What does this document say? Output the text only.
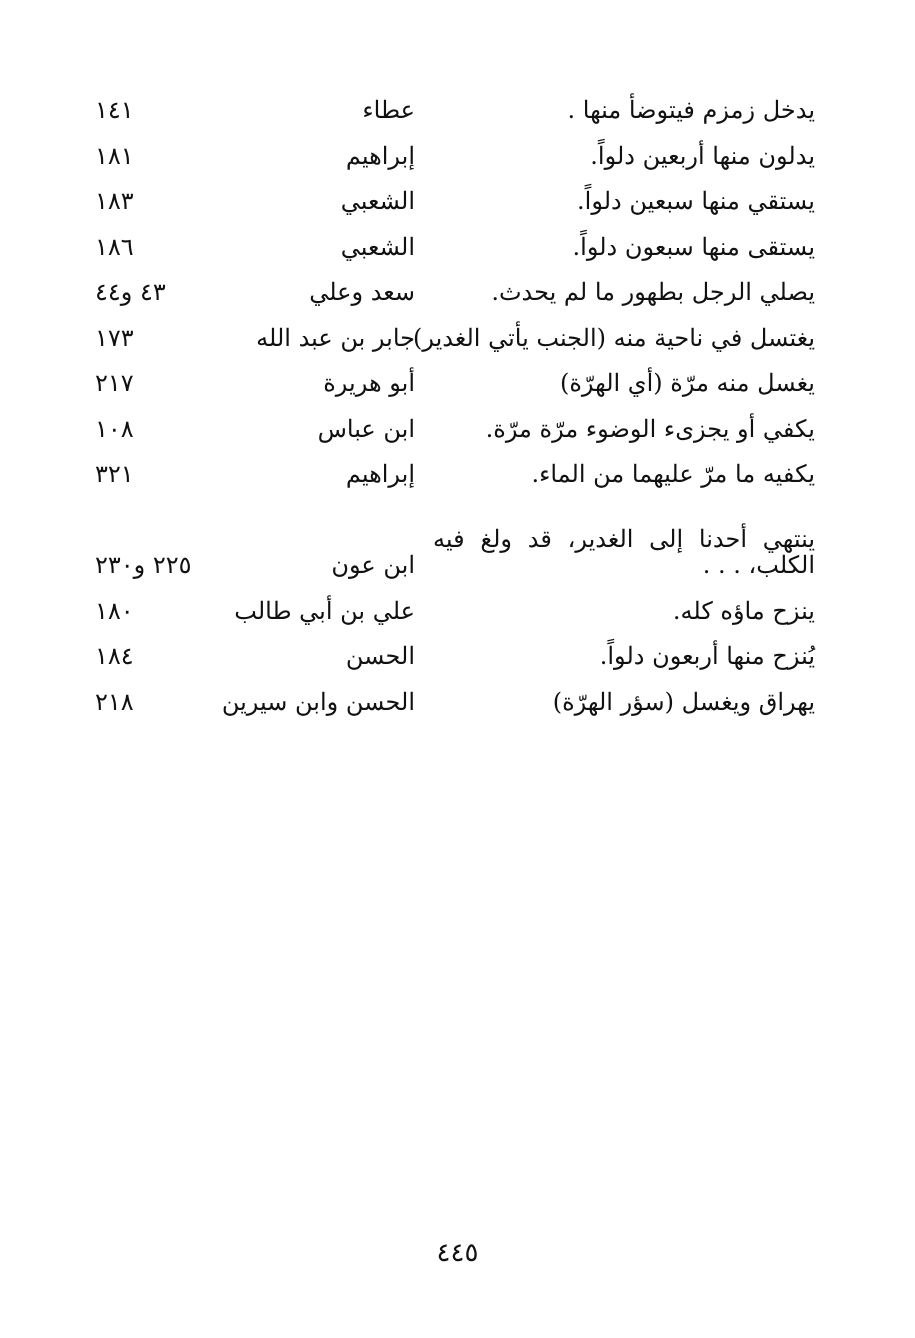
يدخل زمزم فيتوضأ منها .
عطاء
١٤١
يدلون منها أربعين دلواً.
إبراهيم
١٨١
يستقي منها سبعين دلواً.
الشعبي
١٨٣
يستقى منها سبعون دلواً.
الشعبي
١٨٦
يصلي الرجل بطهور ما لم يحدث.
سعد وعلي
٤٣ و٤٤
يغتسل في ناحية منه (الجنب يأتي الغدير)
جابر بن عبد الله
١٧٣
يغسل منه مرّة (أي الهرّة)
أبو هريرة
٢١٧
يكفي أو يجزىء الوضوء مرّة مرّة.
ابن عباس
١٠٨
يكفيه ما مرّ عليهما من الماء.
إبراهيم
٣٢١
ينتهي أحدنا إلى الغدير، قد ولغ فيه الكلب، . . .
ابن عون
٢٢٥ و٢٣٠
ينزح ماؤه كله.
علي بن أبي طالب
١٨٠
يُنزح منها أربعون دلواً.
الحسن
١٨٤
يهراق ويغسل (سؤر الهرّة)
الحسن وابن سيرين
٢١٨
٤٤٥
